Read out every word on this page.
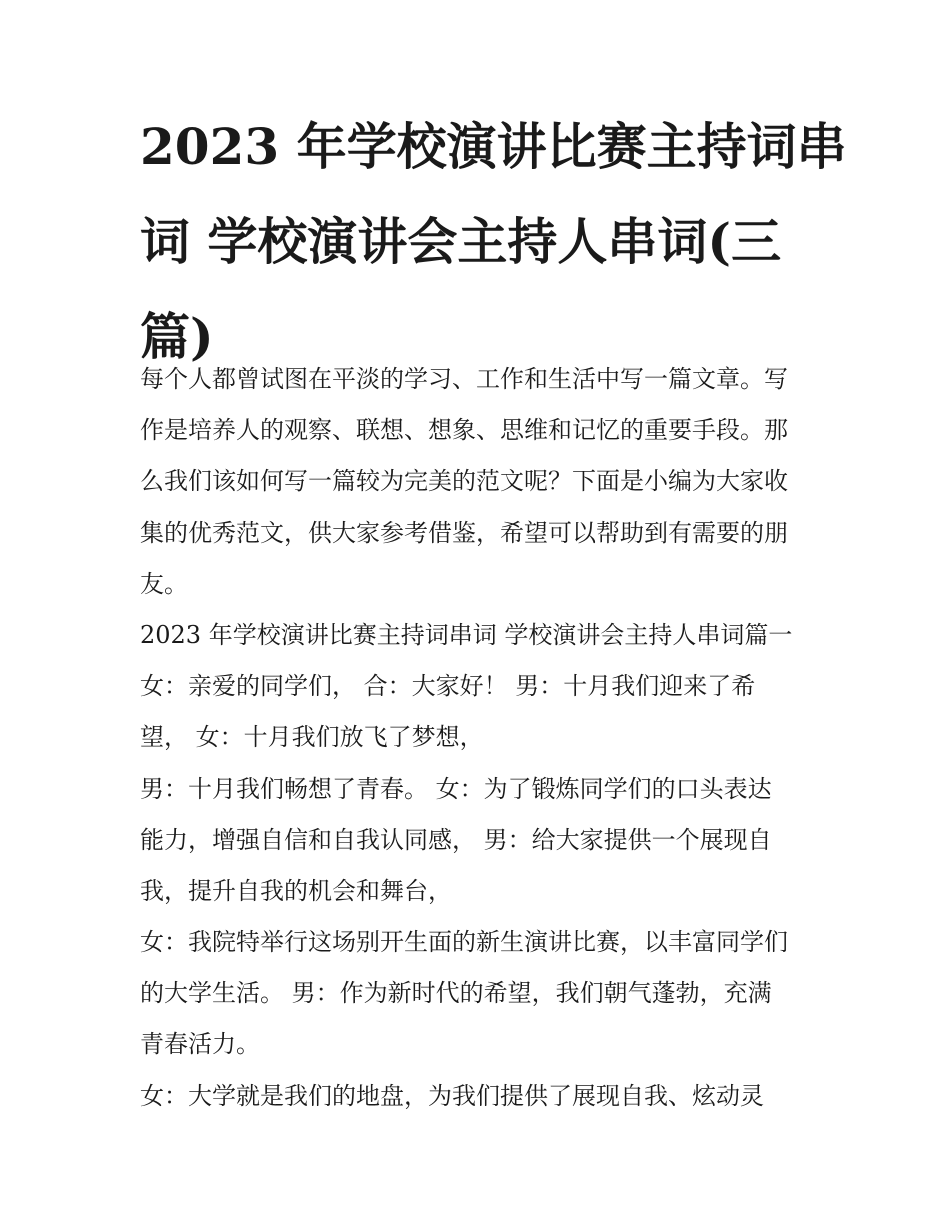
2023 年学校演讲比赛主持词串
词 学校演讲会主持人串词(三
篇)
每个人都曾试图在平淡的学习、工作和生活中写一篇文章。写
作是培养人的观察、联想、想象、思维和记忆的重要手段。那
么我们该如何写一篇较为完美的范文呢？下面是小编为大家收
集的优秀范文，供大家参考借鉴，希望可以帮助到有需要的朋
友。
2023 年学校演讲比赛主持词串词 学校演讲会主持人串词篇一
女：亲爱的同学们， 合：大家好！ 男：十月我们迎来了希
望， 女：十月我们放飞了梦想，
男：十月我们畅想了青春。 女：为了锻炼同学们的口头表达
能力，增强自信和自我认同感， 男：给大家提供一个展现自
我，提升自我的机会和舞台，
女：我院特举行这场别开生面的新生演讲比赛，以丰富同学们
的大学生活。 男：作为新时代的希望，我们朝气蓬勃，充满
青春活力。
女：大学就是我们的地盘，为我们提供了展现自我、炫动灵
